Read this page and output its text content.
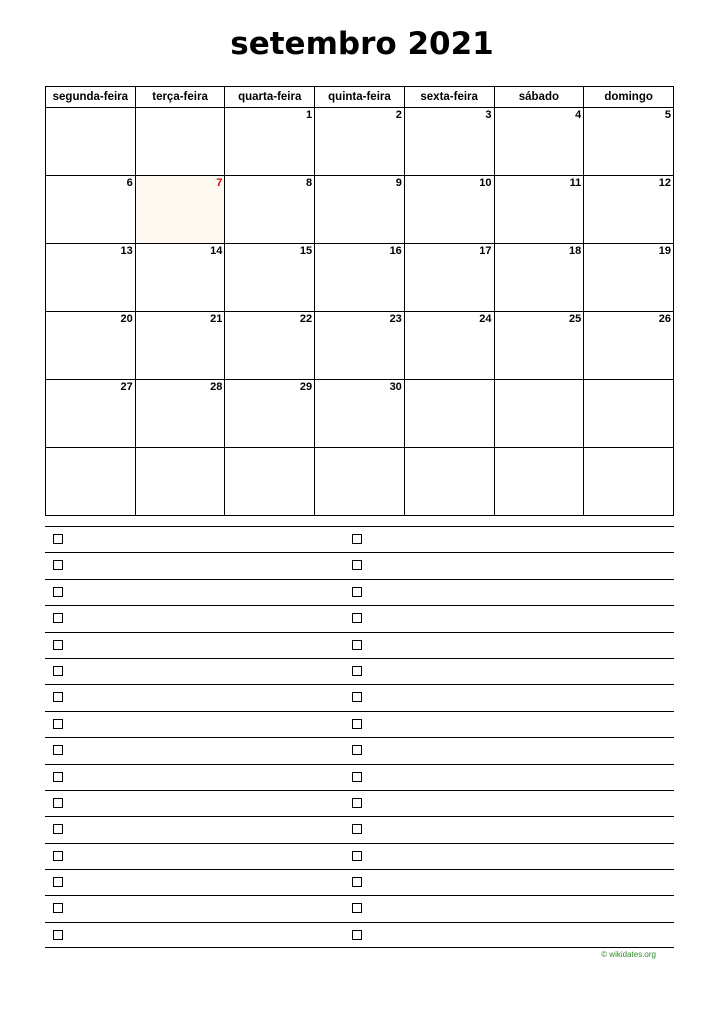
setembro 2021
segunda-feira	terça-feira	quarta-feira	quinta-feira	sexta-feira	sábado	domingo

		1	2	3	4	5

6	7	8	9	10	11	12

13	14	15	16	17	18	19

20	21	22	23	24	25	26

27	28	29	30			

© wikidates.org
